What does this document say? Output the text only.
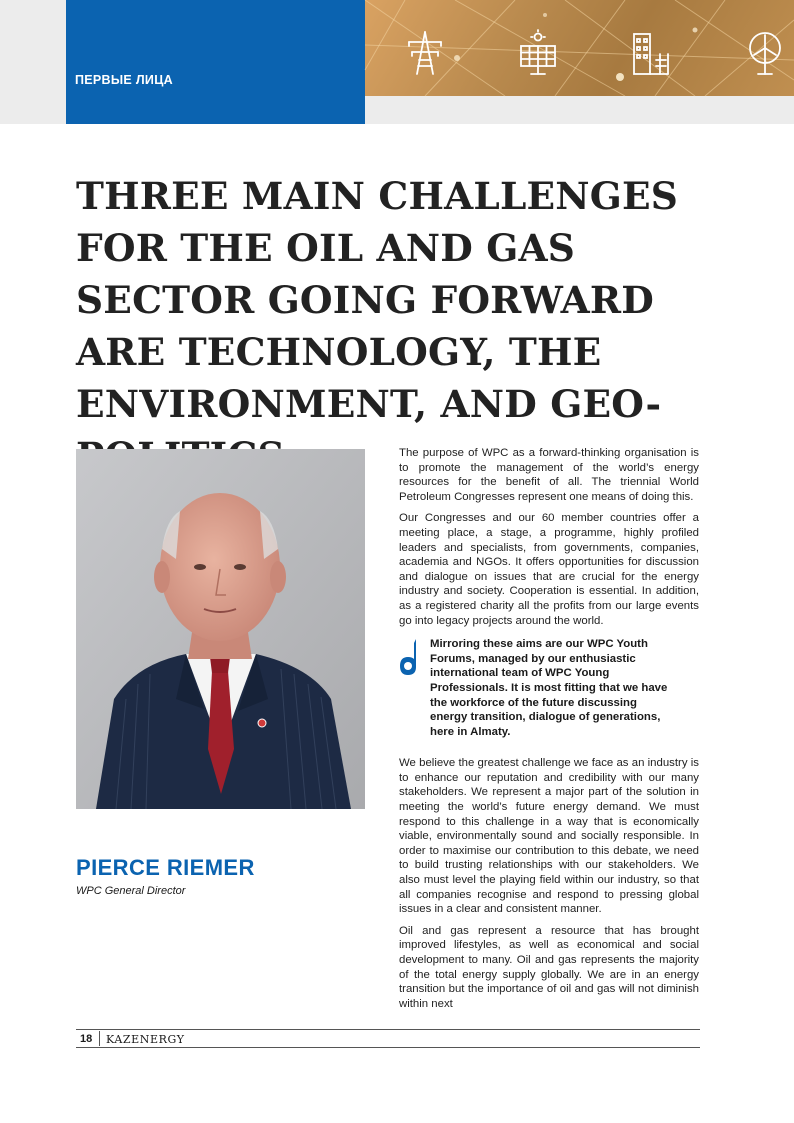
ПЕРВЫЕ ЛИЦА
THREE MAIN CHALLENGES FOR THE OIL AND GAS SECTOR GOING FORWARD ARE TECHNOLOGY, THE ENVIRONMENT, AND GEO-
PIERCE RIEMER
WPC General Director

The purpose of WPC as a forward-thinking organisation is to promote the management of the world’s energy resources for the benefit of all. The triennial World Petroleum Congresses represent one means of doing this.

Our Congresses and our 60 member countries offer a meeting place, a stage, a programme, highly profiled leaders and specialists, from governments, companies, academia and NGOs. It offers opportunities for discussion and dialogue on issues that are crucial for the energy industry and society. Cooperation is essential. In addition, as a registered charity all the profits from our large events go into legacy projects around the world.

Mirroring these aims are our WPC Youth Forums, managed by our enthusiastic international team of WPC Young Professionals. It is most fitting that we have the workforce of the future discussing energy transition, dialogue of generations, here in Almaty.

We believe the greatest challenge we face as an industry is to enhance our reputation and credibility with our many stakeholders. We represent a major part of the solution in meeting the world’s future energy demand. We must respond to this challenge in a way that is economically viable, environmentally sound and socially responsible. In order to maximise our contribution to this debate, we need to build trusting relationships with our stakeholders. We also must level the playing field within our industry, so that all companies recognise and respond to pressing global issues in a clear and consistent manner.

Oil and gas represent a resource that has brought improved lifestyles, as well as economical and social development to many. Oil and gas represents the majority of the total energy supply globally. We are in an energy transition but the importance of oil and gas will not diminish within next

18 KAZENERGY
